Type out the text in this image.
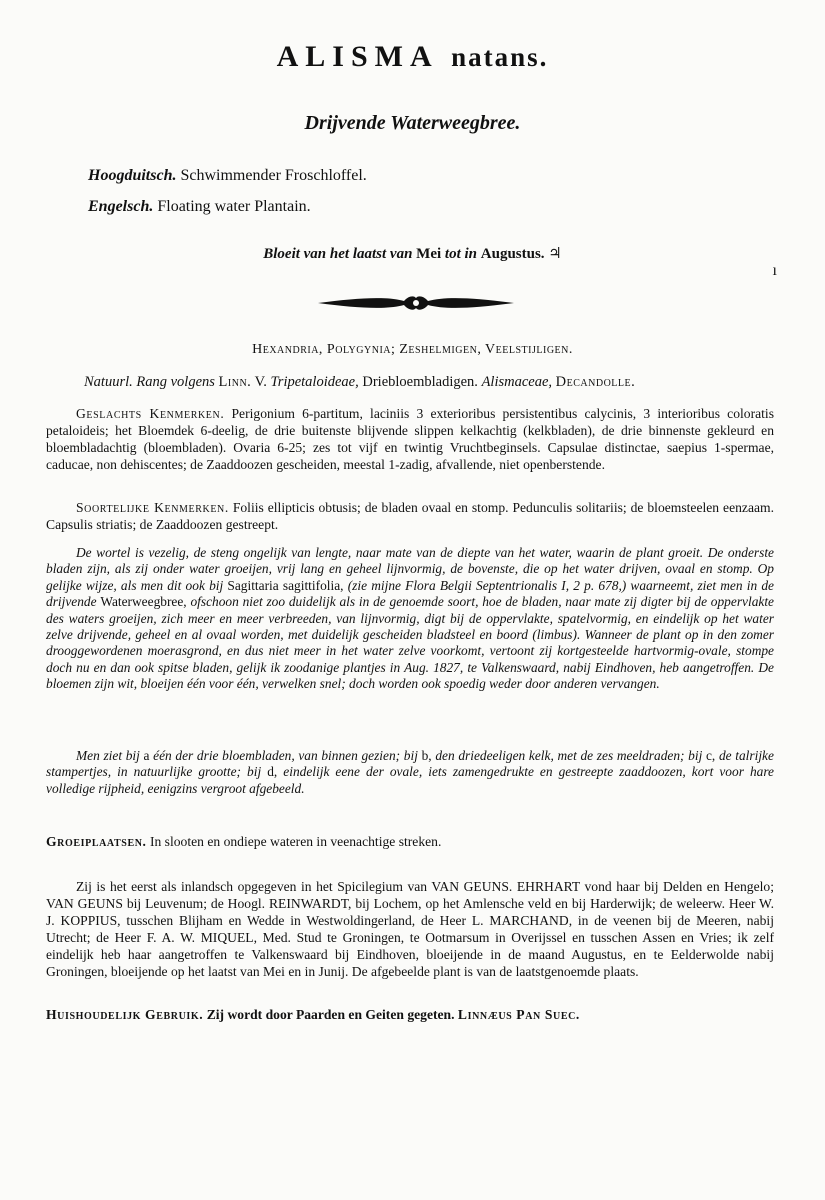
ALISMA natans.
Drijvende Waterweegbree.
Hoogduitsch. Schwimmender Froschloffel.
Engelsch. Floating water Plantain.
Bloeit van het laatst van Mei tot in Augustus. ♃
ı
Hexandria, Polygynia; Zeshelmigen, Veelstijligen.
Natuurl. Rang volgens Linn. V. Tripetaloideae, Driebloembladigen. Alismaceae, Decandolle.
Geslachts Kenmerken. Perigonium 6-partitum, laciniis 3 exterioribus persistentibus calycinis, 3 interioribus coloratis petaloideis; het Bloemdek 6-deelig, de drie buitenste blijvende slippen kelkachtig (kelkbladen), de drie binnenste gekleurd en bloembladachtig (bloembladen). Ovaria 6-25; zes tot vijf en twintig Vruchtbeginsels. Capsulae distinctae, saepius 1-spermae, caducae, non dehiscentes; de Zaaddoozen gescheiden, meestal 1-zadig, afvallende, niet openberstende.
Soortelijke Kenmerken. Foliis ellipticis obtusis; de bladen ovaal en stomp. Pedunculis solitariis; de bloemsteelen eenzaam. Capsulis striatis; de Zaaddoozen gestreept.
De wortel is vezelig, de steng ongelijk van lengte, naar mate van de diepte van het water, waarin de plant groeit. De onderste bladen zijn, als zij onder water groeijen, vrij lang en geheel lijnvormig, de bovenste, die op het water drijven, ovaal en stomp. Op gelijke wijze, als men dit ook bij Sagittaria sagittifolia, (zie mijne Flora Belgii Septentrionalis I, 2 p. 678,) waarneemt, ziet men in de drijvende Waterweegbree, ofschoon niet zoo duidelijk als in de genoemde soort, hoe de bladen, naar mate zij digter bij de oppervlakte des waters groeijen, zich meer en meer verbreeden, van lijnvormig, digt bij de oppervlakte, spatelvormig, en eindelijk op het water zelve drijvende, geheel en al ovaal worden, met duidelijk gescheiden bladsteel en boord (limbus). Wanneer de plant op in den zomer drooggewordenen moerasgrond, en dus niet meer in het water zelve voorkomt, vertoont zij kortgesteelde hartvormig-ovale, stompe doch nu en dan ook spitse bladen, gelijk ik zoodanige plantjes in Aug. 1827, te Valkenswaard, nabij Eindhoven, heb aangetroffen. De bloemen zijn wit, bloeijen één voor één, verwelken snel; doch worden ook spoedig weder door anderen vervangen.
Men ziet bij a één der drie bloembladen, van binnen gezien; bij b, den driedeeligen kelk, met de zes meeldraden; bij c, de talrijke stampertjes, in natuurlijke grootte; bij d, eindelijk eene der ovale, iets zamengedrukte en gestreepte zaaddoozen, kort voor hare volledige rijpheid, eenigzins vergroot afgebeeld.
Groeiplaatsen. In slooten en ondiepe wateren in veenachtige streken.
Zij is het eerst als inlandsch opgegeven in het Spicilegium van VAN GEUNS. EHRHART vond haar bij Delden en Hengelo; VAN GEUNS bij Leuvenum; de Hoogl. REINWARDT, bij Lochem, op het Amlensche veld en bij Harderwijk; de weleerw. Heer W. J. KOPPIUS, tusschen Blijham en Wedde in Westwoldingerland, de Heer L. MARCHAND, in de veenen bij de Meeren, nabij Utrecht; de Heer F. A. W. MIQUEL, Med. Stud te Groningen, te Ootmarsum in Overijssel en tusschen Assen en Vries; ik zelf eindelijk heb haar aangetroffen te Valkenswaard bij Eindhoven, bloeijende in de maand Augustus, en te Eelderwolde nabij Groningen, bloeijende op het laatst van Mei en in Junij. De afgebeelde plant is van de laatstgenoemde plaats.
Huishoudelijk Gebruik. Zij wordt door Paarden en Geiten gegeten. Linnæus Pan Suec.
